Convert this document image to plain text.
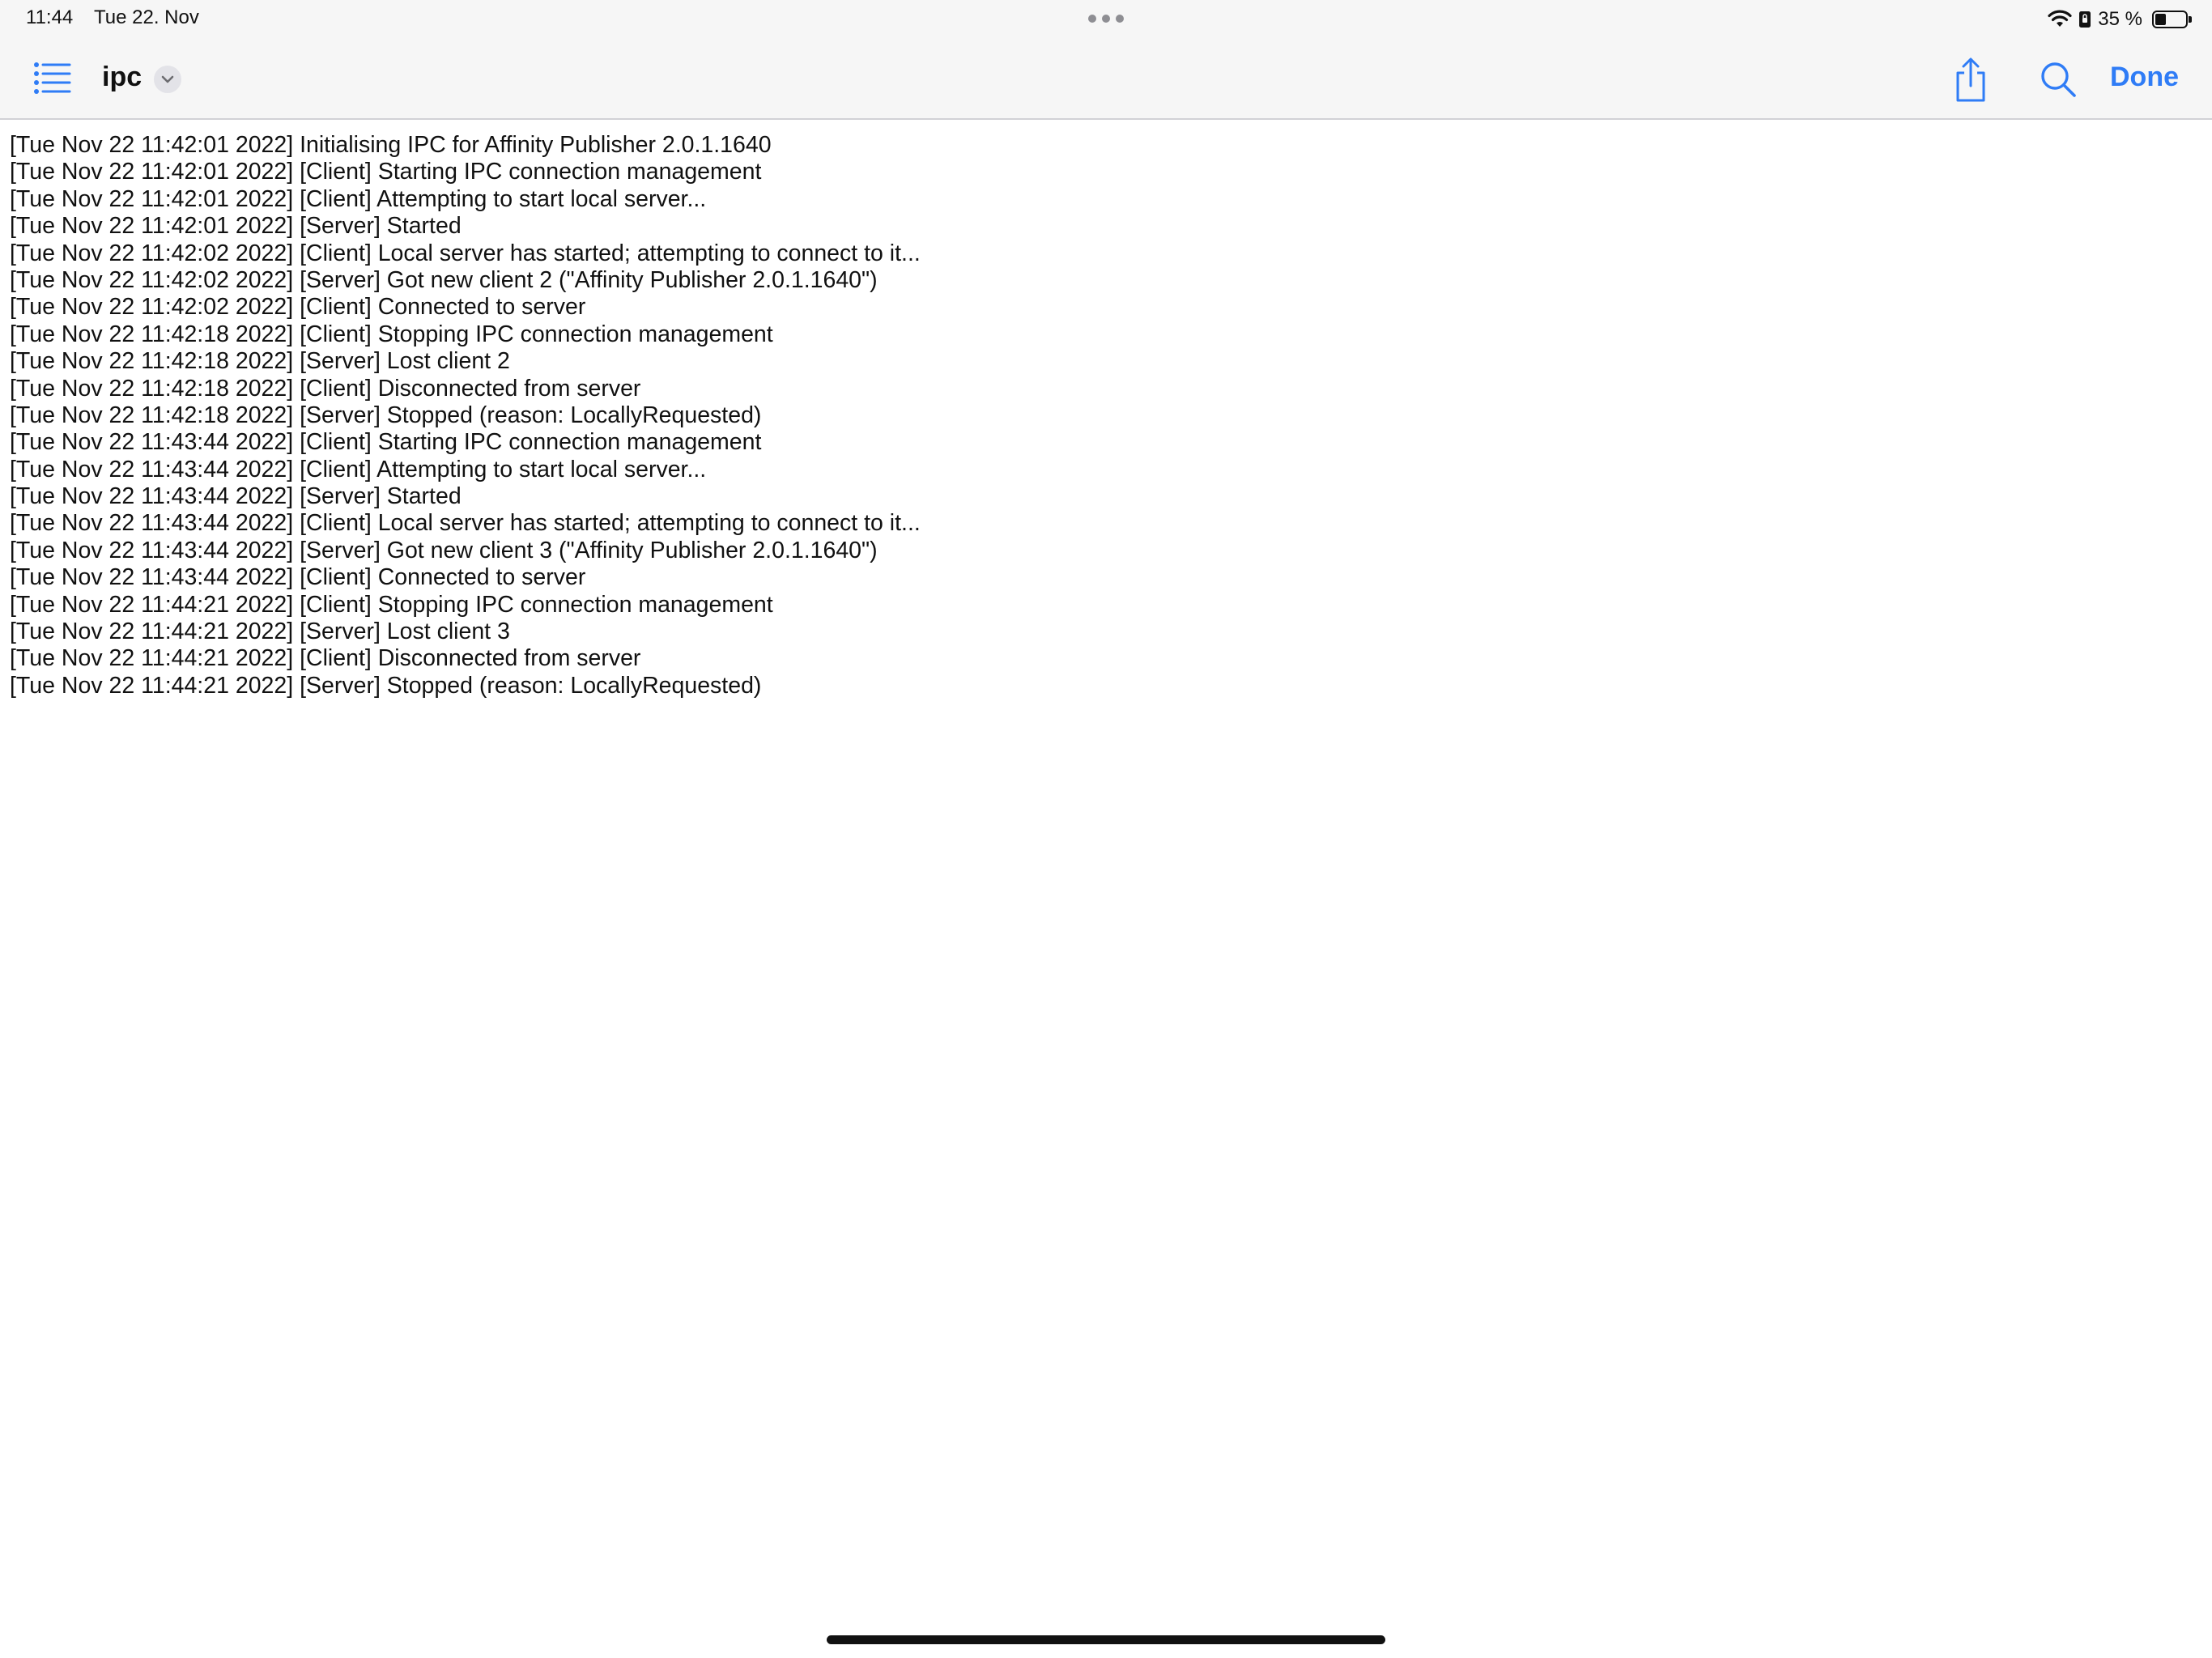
11:44 Tue 22. Nov	35 %
ipc	Done
[Tue Nov 22 11:42:01 2022] Initialising IPC for Affinity Publisher 2.0.1.1640
[Tue Nov 22 11:42:01 2022] [Client] Starting IPC connection management
[Tue Nov 22 11:42:01 2022] [Client] Attempting to start local server...
[Tue Nov 22 11:42:01 2022] [Server] Started
[Tue Nov 22 11:42:02 2022] [Client] Local server has started; attempting to connect to it...
[Tue Nov 22 11:42:02 2022] [Server] Got new client 2 ("Affinity Publisher 2.0.1.1640")
[Tue Nov 22 11:42:02 2022] [Client] Connected to server
[Tue Nov 22 11:42:18 2022] [Client] Stopping IPC connection management
[Tue Nov 22 11:42:18 2022] [Server] Lost client 2
[Tue Nov 22 11:42:18 2022] [Client] Disconnected from server
[Tue Nov 22 11:42:18 2022] [Server] Stopped (reason: LocallyRequested)
[Tue Nov 22 11:43:44 2022] [Client] Starting IPC connection management
[Tue Nov 22 11:43:44 2022] [Client] Attempting to start local server...
[Tue Nov 22 11:43:44 2022] [Server] Started
[Tue Nov 22 11:43:44 2022] [Client] Local server has started; attempting to connect to it...
[Tue Nov 22 11:43:44 2022] [Server] Got new client 3 ("Affinity Publisher 2.0.1.1640")
[Tue Nov 22 11:43:44 2022] [Client] Connected to server
[Tue Nov 22 11:44:21 2022] [Client] Stopping IPC connection management
[Tue Nov 22 11:44:21 2022] [Server] Lost client 3
[Tue Nov 22 11:44:21 2022] [Client] Disconnected from server
[Tue Nov 22 11:44:21 2022] [Server] Stopped (reason: LocallyRequested)
